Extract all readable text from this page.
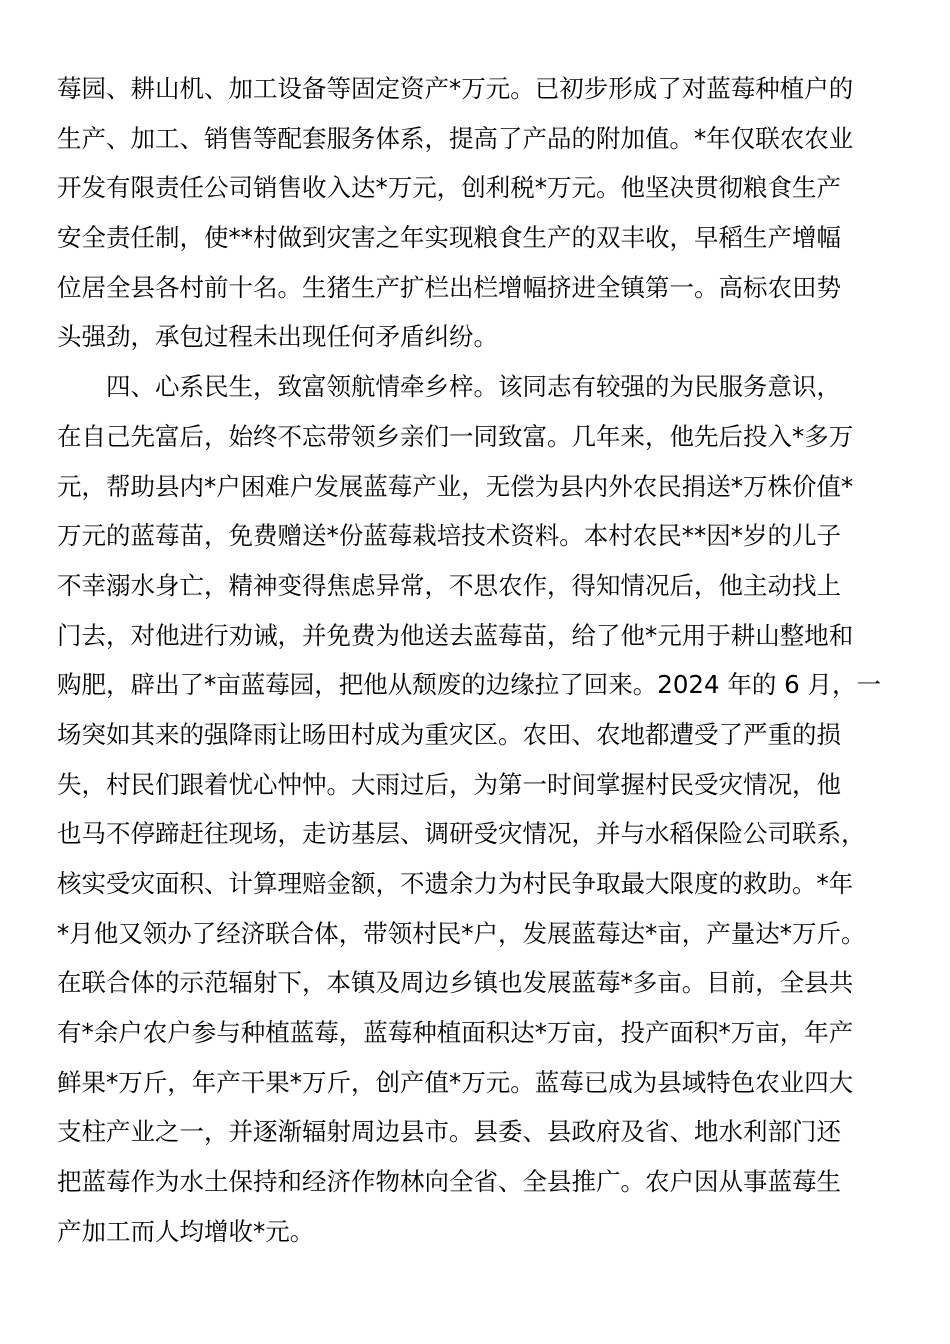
莓园、耕山机、加工设备等固定资产*万元。已初步形成了对蓝莓种植户的
生产、加工、销售等配套服务体系，提高了产品的附加值。*年仅联农农业
开发有限责任公司销售收入达*万元，创利税*万元。他坚决贯彻粮食生产
安全责任制，使**村做到灾害之年实现粮食生产的双丰收，早稻生产增幅
位居全县各村前十名。生猪生产扩栏出栏增幅挤进全镇第一。高标农田势
头强劲，承包过程未出现任何矛盾纠纷。
四、心系民生，致富领航情牵乡梓。该同志有较强的为民服务意识，
在自己先富后，始终不忘带领乡亲们一同致富。几年来，他先后投入*多万
元，帮助县内*户困难户发展蓝莓产业，无偿为县内外农民捐送*万株价值*
万元的蓝莓苗，免费赠送*份蓝莓栽培技术资料。本村农民**因*岁的儿子
不幸溺水身亡，精神变得焦虑异常，不思农作，得知情况后，他主动找上
门去，对他进行劝诫，并免费为他送去蓝莓苗，给了他*元用于耕山整地和
购肥，辟出了*亩蓝莓园，把他从颓废的边缘拉了回来。2024 年的 6 月，一
场突如其来的强降雨让旸田村成为重灾区。农田、农地都遭受了严重的损
失，村民们跟着忧心忡忡。大雨过后，为第一时间掌握村民受灾情况，他
也马不停蹄赶往现场，走访基层、调研受灾情况，并与水稻保险公司联系，
核实受灾面积、计算理赔金额，不遗余力为村民争取最大限度的救助。*年
*月他又领办了经济联合体，带领村民*户，发展蓝莓达*亩，产量达*万斤。
在联合体的示范辐射下，本镇及周边乡镇也发展蓝莓*多亩。目前，全县共
有*余户农户参与种植蓝莓，蓝莓种植面积达*万亩，投产面积*万亩，年产
鲜果*万斤，年产干果*万斤，创产值*万元。蓝莓已成为县域特色农业四大
支柱产业之一，并逐渐辐射周边县市。县委、县政府及省、地水利部门还
把蓝莓作为水土保持和经济作物林向全省、全县推广。农户因从事蓝莓生
产加工而人均增收*元。
